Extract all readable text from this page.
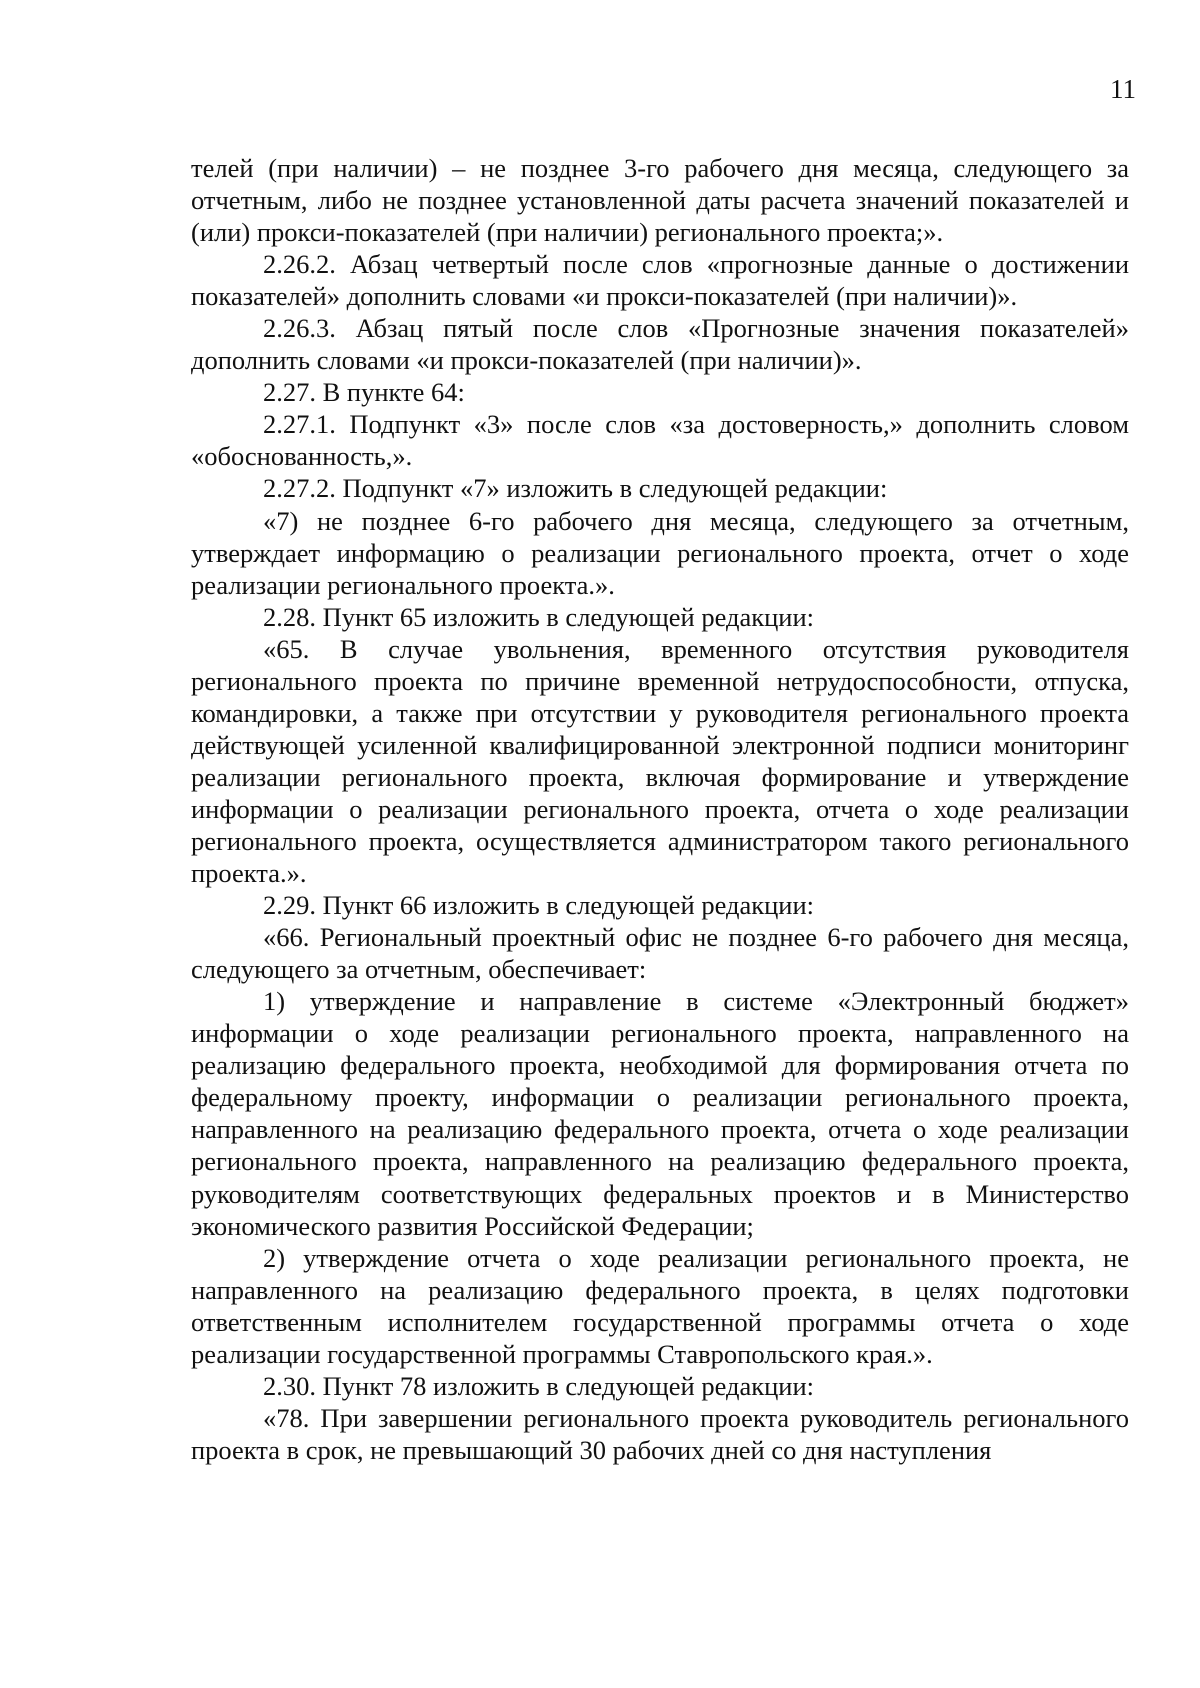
11

телей (при наличии) – не позднее 3-го рабочего дня месяца, следующего за отчетным, либо не позднее установленной даты расчета значений показателей и (или) прокси-показателей (при наличии) регионального проекта;».

2.26.2. Абзац четвертый после слов «прогнозные данные о достижении показателей» дополнить словами «и прокси-показателей (при наличии)».

2.26.3. Абзац пятый после слов «Прогнозные значения показателей» дополнить словами «и прокси-показателей (при наличии)».

2.27. В пункте 64:

2.27.1. Подпункт «3» после слов «за достоверность,» дополнить словом «обоснованность,».

2.27.2. Подпункт «7» изложить в следующей редакции:

«7) не позднее 6-го рабочего дня месяца, следующего за отчетным, утверждает информацию о реализации регионального проекта, отчет о ходе реализации регионального проекта.».

2.28. Пункт 65 изложить в следующей редакции:

«65. В случае увольнения, временного отсутствия руководителя регионального проекта по причине временной нетрудоспособности, отпуска, командировки, а также при отсутствии у руководителя регионального проекта действующей усиленной квалифицированной электронной подписи мониторинг реализации регионального проекта, включая формирование и утверждение информации о реализации регионального проекта, отчета о ходе реализации регионального проекта, осуществляется администратором такого регионального проекта.».

2.29. Пункт 66 изложить в следующей редакции:

«66. Региональный проектный офис не позднее 6-го рабочего дня месяца, следующего за отчетным, обеспечивает:

1) утверждение и направление в системе «Электронный бюджет» информации о ходе реализации регионального проекта, направленного на реализацию федерального проекта, необходимой для формирования отчета по федеральному проекту, информации о реализации регионального проекта, направленного на реализацию федерального проекта, отчета о ходе реализации регионального проекта, направленного на реализацию федерального проекта, руководителям соответствующих федеральных проектов и в Министерство экономического развития Российской Федерации;

2) утверждение отчета о ходе реализации регионального проекта, не направленного на реализацию федерального проекта, в целях подготовки ответственным исполнителем государственной программы отчета о ходе реализации государственной программы Ставропольского края.».

2.30. Пункт 78 изложить в следующей редакции:

«78. При завершении регионального проекта руководитель регионального проекта в срок, не превышающий 30 рабочих дней со дня наступления
